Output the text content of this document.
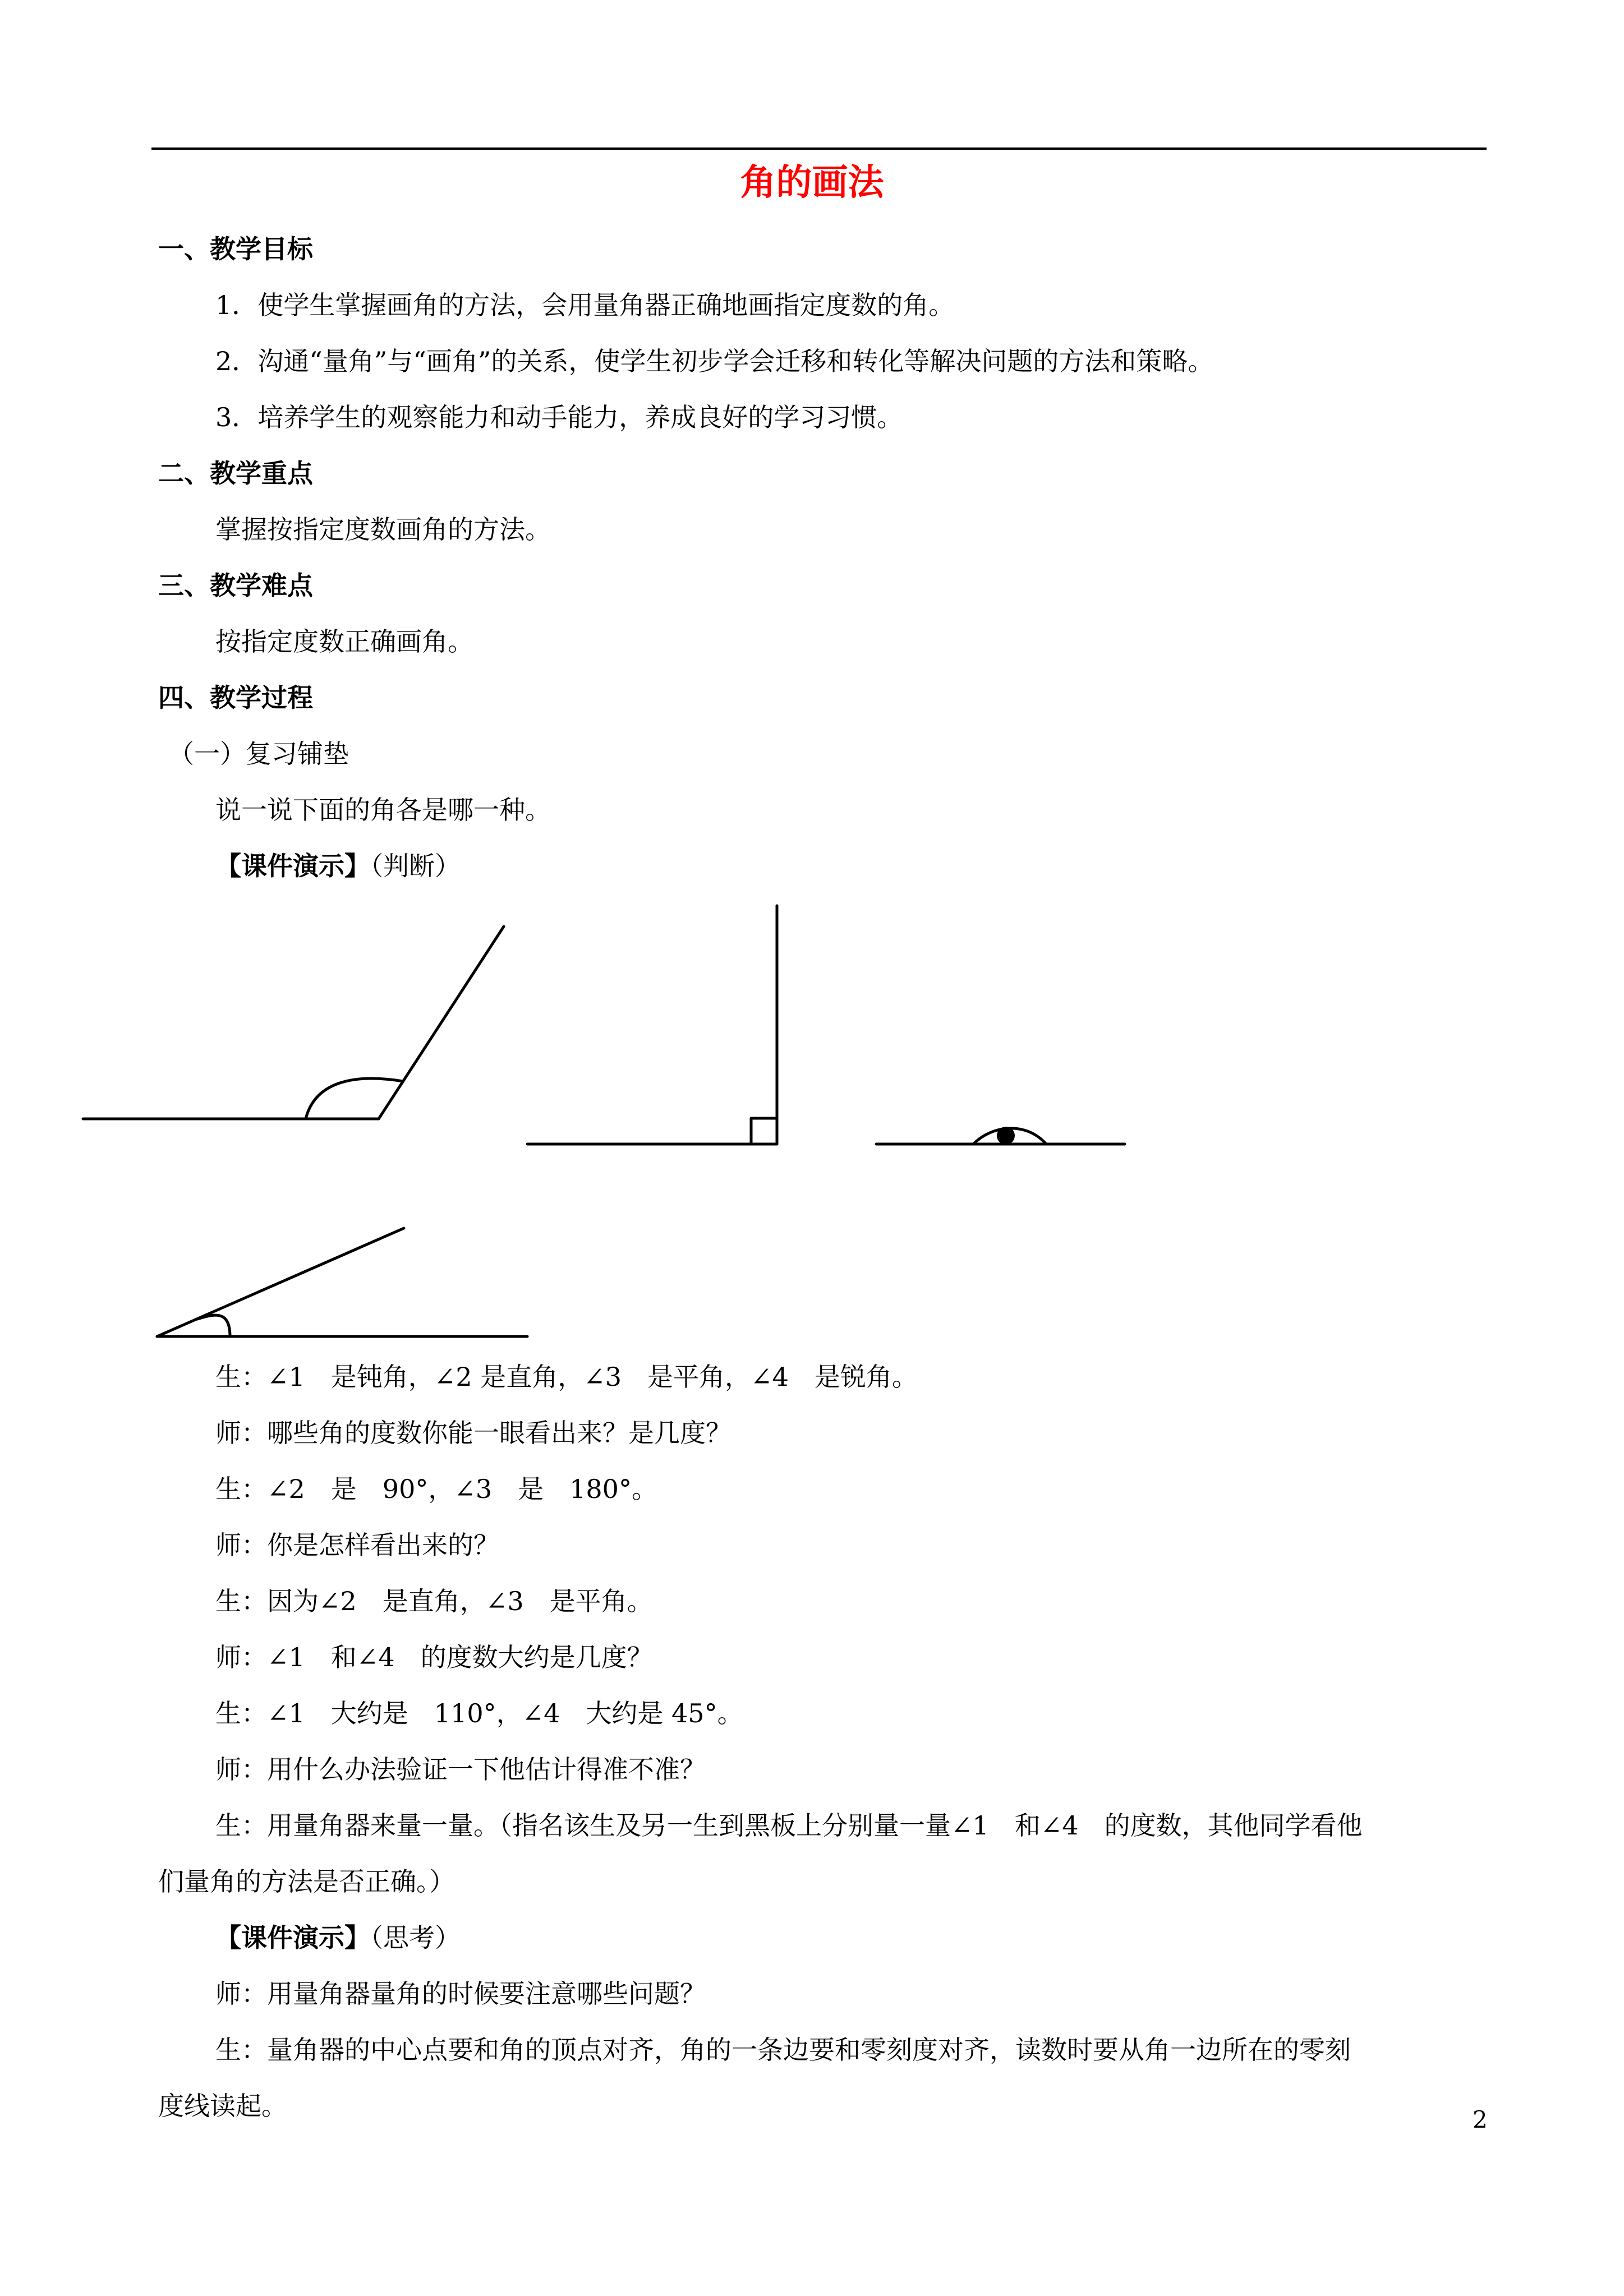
角的画法
一、教学目标
1．使学生掌握画角的方法，会用量角器正确地画指定度数的角。
2．沟通“量角”与“画角”的关系，使学生初步学会迁移和转化等解决问题的方法和策略。
3．培养学生的观察能力和动手能力，养成良好的学习习惯。
二、教学重点
掌握按指定度数画角的方法。
三、教学难点
按指定度数正确画角。
四、教学过程
（一）复习铺垫
说一说下面的角各是哪一种。
【课件演示】（判断）
生：∠1　是钝角，∠2 是直角，∠3　是平角，∠4　是锐角。
师：哪些角的度数你能一眼看出来？是几度？
生：∠2　是　90°，∠3　是　180°。
师：你是怎样看出来的？
生：因为∠2　是直角，∠3　是平角。
师：∠1　和∠4　的度数大约是几度？
生：∠1　大约是　110°，∠4　大约是 45°。
师：用什么办法验证一下他估计得准不准？
生：用量角器来量一量。（指名该生及另一生到黑板上分别量一量∠1　和∠4　的度数，其他同学看他
们量角的方法是否正确。）
【课件演示】（思考）
师：用量角器量角的时候要注意哪些问题？
生：量角器的中心点要和角的顶点对齐，角的一条边要和零刻度对齐，读数时要从角一边所在的零刻
度线读起。	2
